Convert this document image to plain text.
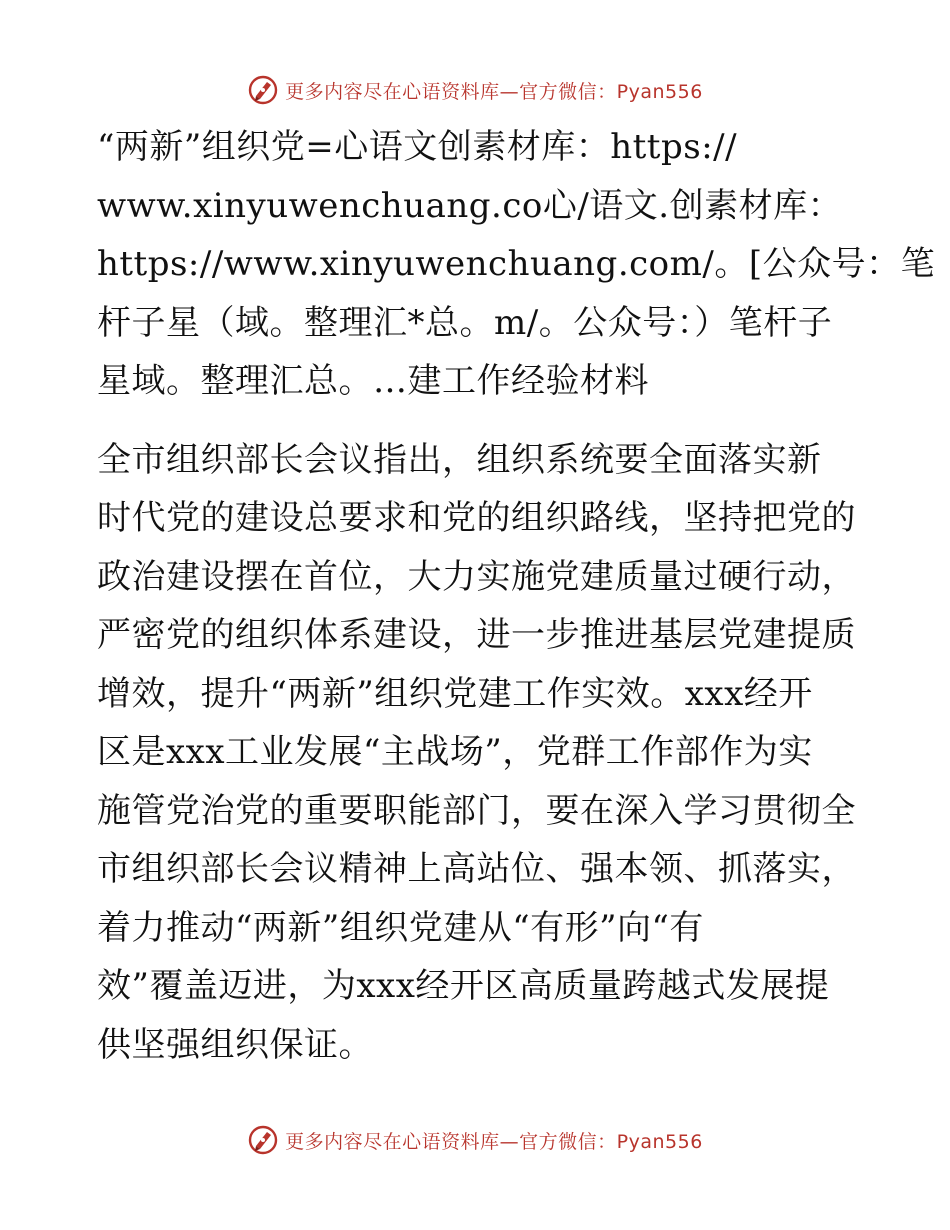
更多内容尽在心语资料库—官方微信：Pyan556
“两新”组织党=心语文创素材库：https://
www.xinyuwenchuang.co心/语文.创素材库：
https://www.xinyuwenchuang.com/。[公众号：笔
杆子星（域。整理汇*总。m/。公众号：）笔杆子
星域。整理汇总。…建工作经验材料
全市组织部长会议指出，组织系统要全面落实新
时代党的建设总要求和党的组织路线，坚持把党的
政治建设摆在首位，大力实施党建质量过硬行动，
严密党的组织体系建设，进一步推进基层党建提质
增效，提升“两新”组织党建工作实效。xxx经开
区是xxx工业发展“主战场”，党群工作部作为实
施管党治党的重要职能部门，要在深入学习贯彻全
市组织部长会议精神上高站位、强本领、抓落实，
着力推动“两新”组织党建从“有形”向“有
效”覆盖迈进，为xxx经开区高质量跨越式发展提
供坚强组织保证。
更多内容尽在心语资料库—官方微信：Pyan556
